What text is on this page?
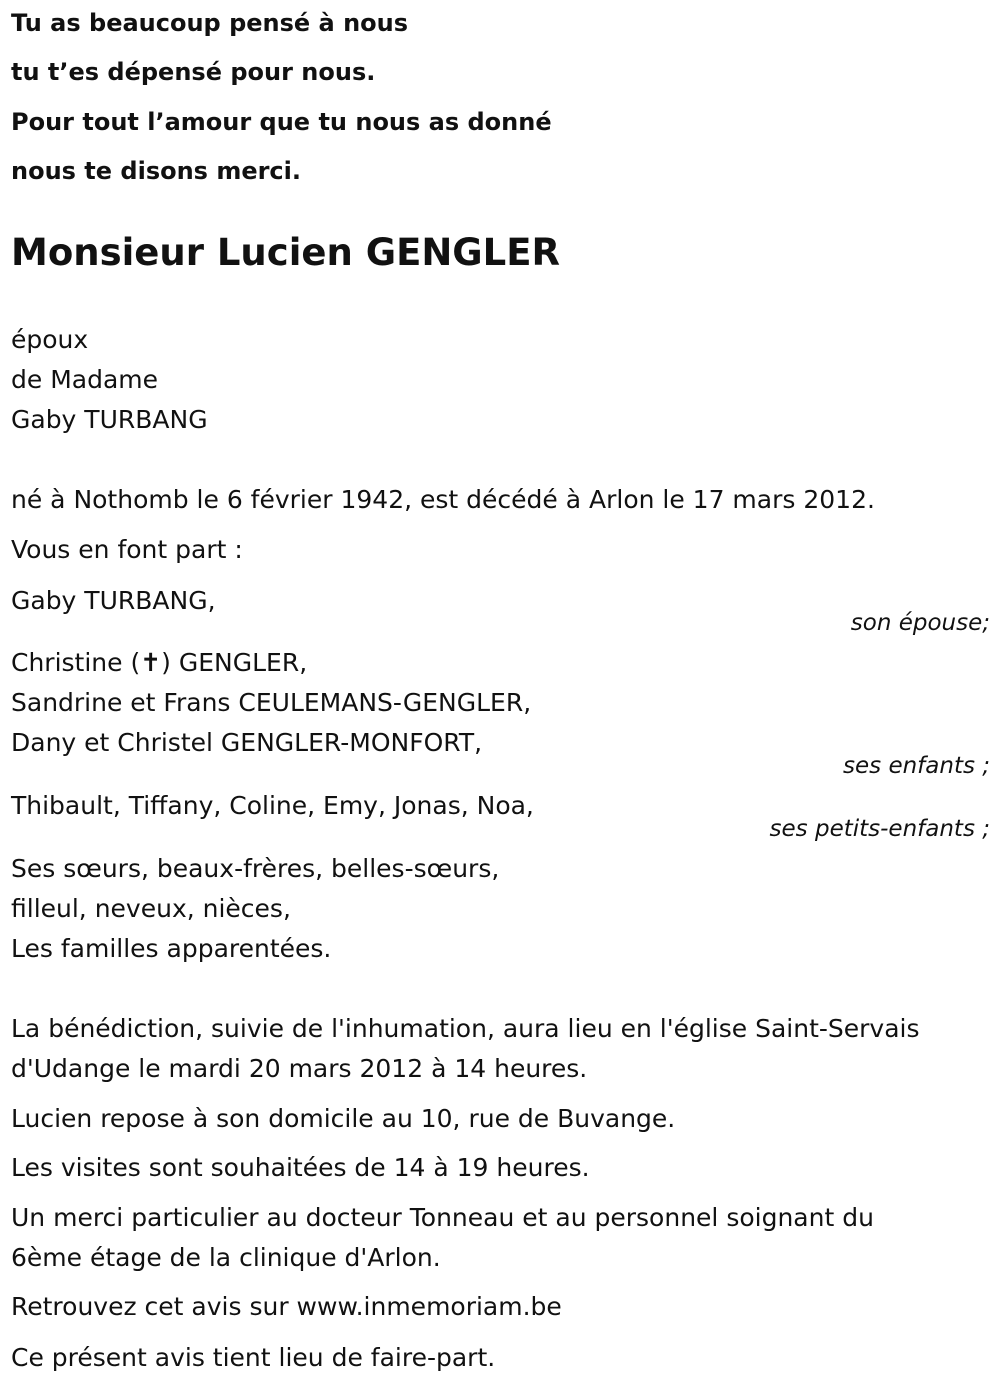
Tu as beaucoup pensé à nous
tu t’es dépensé pour nous.
Pour tout l’amour que tu nous as donné
nous te disons merci.
Monsieur Lucien GENGLER
époux
de Madame
Gaby TURBANG
né à Nothomb le 6 février 1942, est décédé à Arlon le 17 mars 2012.
Vous en font part :
Gaby TURBANG,
son épouse;
Christine (✝) GENGLER,
Sandrine et Frans CEULEMANS-GENGLER,
Dany et Christel GENGLER-MONFORT,
ses enfants ;
Thibault, Tiffany, Coline, Emy, Jonas, Noa,
ses petits-enfants ;
Ses sœurs, beaux-frères, belles-sœurs,
filleul, neveux, nièces,
Les familles apparentées.
La bénédiction, suivie de l'inhumation, aura lieu en l'église Saint-Servais
d'Udange le mardi 20 mars 2012 à 14 heures.
Lucien repose à son domicile au 10, rue de Buvange.
Les visites sont souhaitées de 14 à 19 heures.
Un merci particulier au docteur Tonneau et au personnel soignant du
6ème étage de la clinique d'Arlon.
Retrouvez cet avis sur www.inmemoriam.be
Ce présent avis tient lieu de faire-part.
